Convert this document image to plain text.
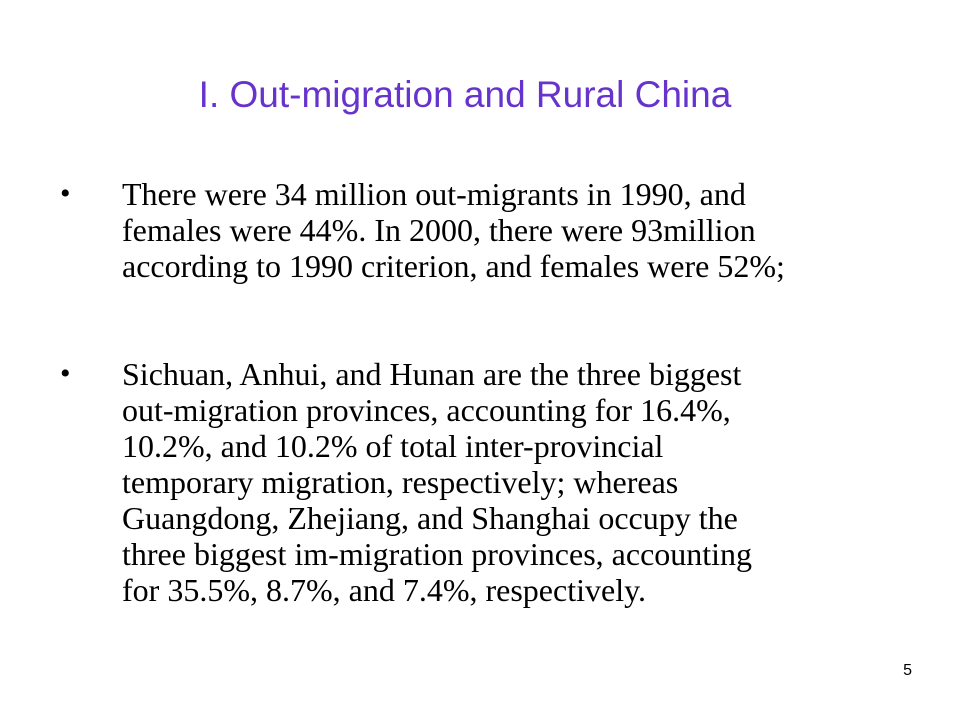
I. Out-migration and Rural China
•	There were 34 million out-migrants in 1990, and
females were 44%. In 2000, there were 93million
according to 1990 criterion, and females were 52%;
•	Sichuan, Anhui, and Hunan are the three biggest
out-migration provinces, accounting for 16.4%,
10.2%, and 10.2% of total inter-provincial
temporary migration, respectively; whereas
Guangdong, Zhejiang, and Shanghai occupy the
three biggest im-migration provinces, accounting
for 35.5%, 8.7%, and 7.4%, respectively.
5
